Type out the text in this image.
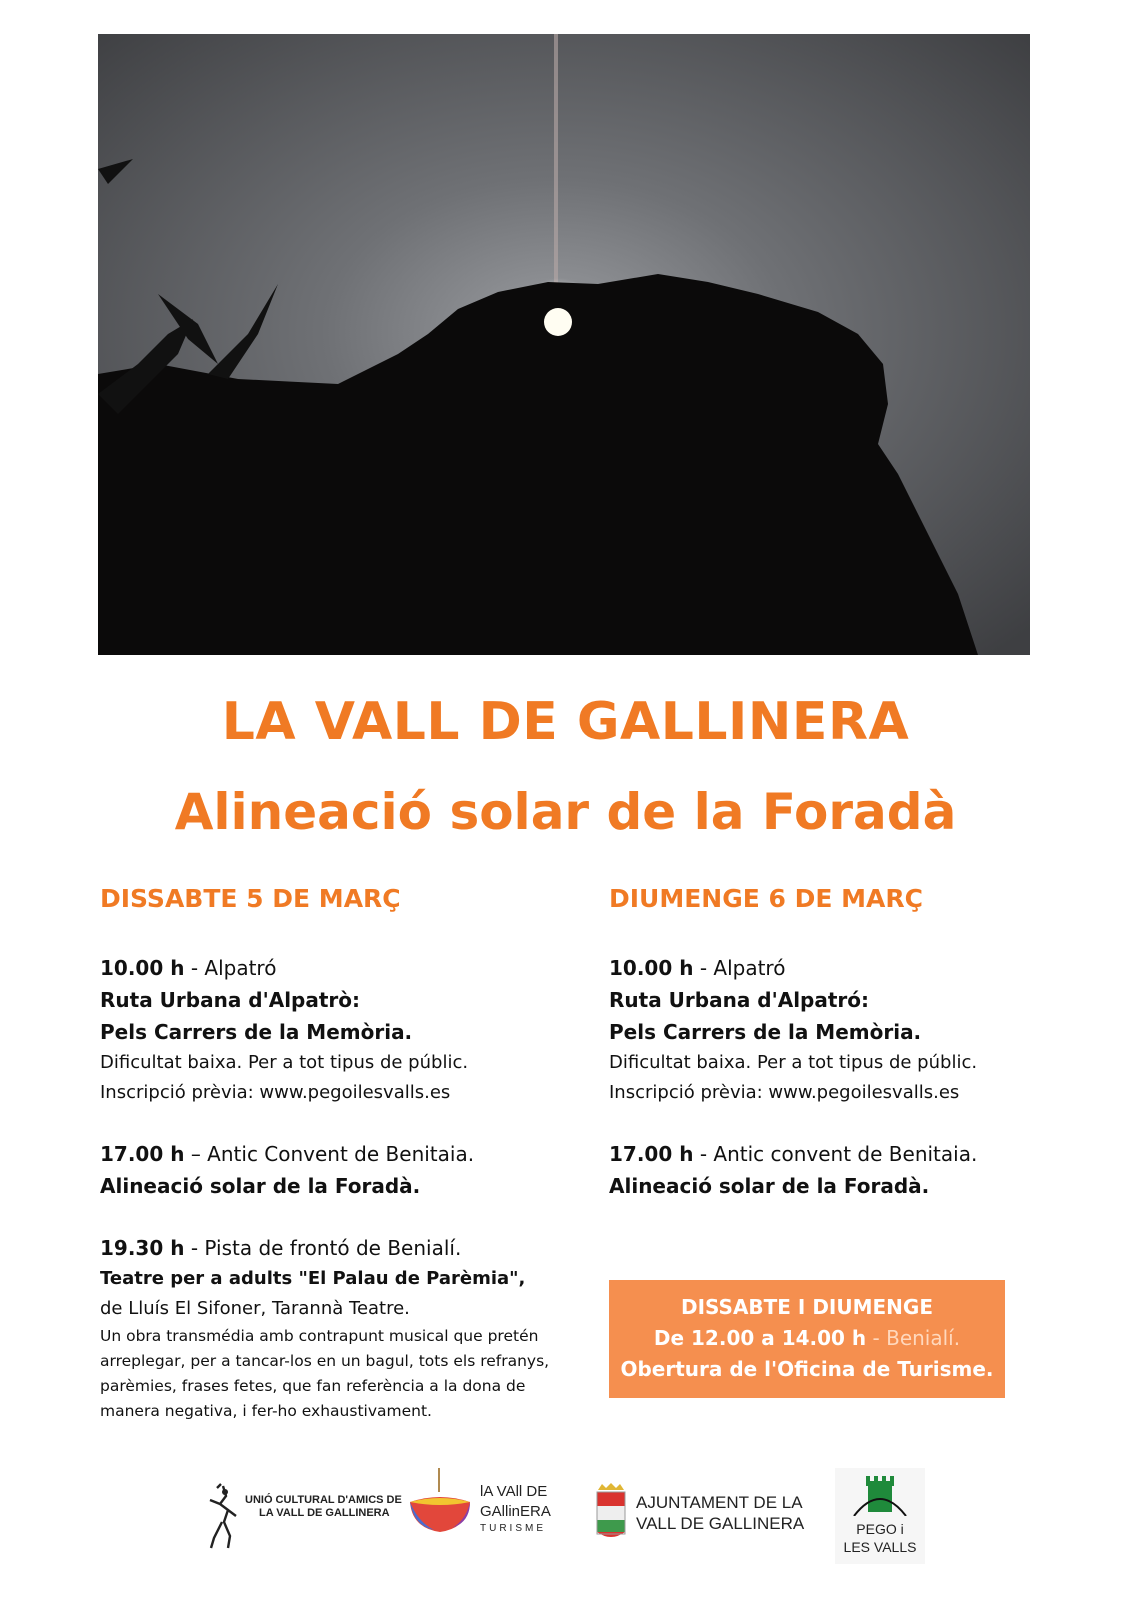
LA VALL DE GALLINERA
Alineació solar de la Foradà
DISSABTE 5 DE MARÇ
10.00 h - Alpatró
Ruta Urbana d'Alpatrò:
Pels Carrers de la Memòria.
Dificultat baixa. Per a tot tipus de públic.
Inscripció prèvia: www.pegoilesvalls.es
17.00 h – Antic Convent de Benitaia.
Alineació solar de la Foradà.
19.30 h - Pista de frontó de Benialí.
Teatre per a adults "El Palau de Parèmia",
de Lluís El Sifoner, Tarannà Teatre.
Un obra transmédia amb contrapunt musical que pretén
arreplegar, per a tancar-los en un bagul, tots els refranys,
parèmies, frases fetes, que fan referència a la dona de
manera negativa, i fer-ho exhaustivament.
DIUMENGE 6 DE MARÇ
10.00 h - Alpatró
Ruta Urbana d'Alpatró:
Pels Carrers de la Memòria.
Dificultat baixa. Per a tot tipus de públic.
Inscripció prèvia: www.pegoilesvalls.es
17.00 h - Antic convent de Benitaia.
Alineació solar de la Foradà.
DISSABTE I DIUMENGE
De 12.00 a 14.00 h - Benialí.
Obertura de l'Oficina de Turisme.
UNIÓ CULTURAL D'AMICS DE
LA VALL DE GALLINERA
lA VAll DE
GAllinERA
TURISME
AJUNTAMENT DE LA
VALL DE GALLINERA	PEGO i
LES VALLS
